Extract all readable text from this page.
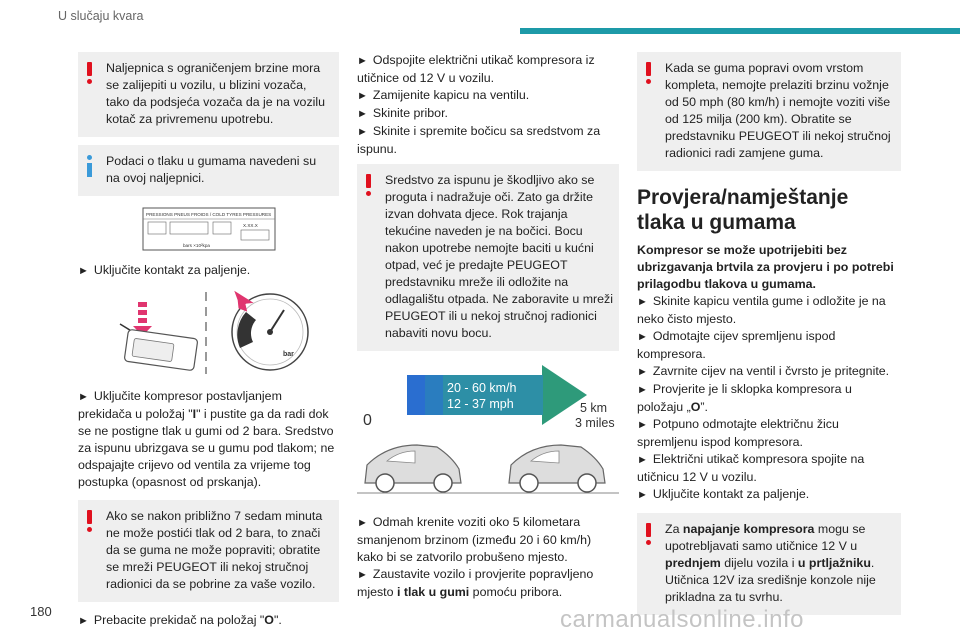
U slučaju kvara
Naljepnica s ograničenjem brzine mora se zalijepiti u vozilu, u blizini vozača, tako da podsjeća vozača da je na vozilu kotač za privremenu upotrebu.
Podaci o tlaku u gumama navedeni su na ovoj naljepnici.
PRESSIONS PNEUS FROIDS / COLD TYRES PRESSURES
X.XX.X
bars ×10²kpa

► Uključite kontakt za paljenje.

bar

► Uključite kompresor postavljanjem prekidača u položaj "I" i pustite ga da radi dok se ne postigne tlak u gumi od 2 bara. Sredstvo za ispunu ubrizgava se u gumu pod tlakom; ne odspajajte crijevo od ventila za vrijeme tog postupka (opasnost od prskanja).

Ako se nakon približno 7 sedam minuta ne može postići tlak od 2 bara, to znači da se guma ne može popraviti; obratite se mreži PEUGEOT ili nekoj stručnoj radionici da se pobrine za vaše vozilo.

► Prebacite prekidač na položaj "O".

► Odspojite električni utikač kompresora iz utičnice od 12 V u vozilu.

► Zamijenite kapicu na ventilu.

► Skinite pribor.

► Skinite i spremite bočicu sa sredstvom za ispunu.

Sredstvo za ispunu je škodljivo ako se proguta i nadražuje oči. Zato ga držite izvan dohvata djece. Rok trajanja tekućine naveden je na bočici. Bocu nakon upotrebe nemojte baciti u kućni otpad, već je predajte PEUGEOT predstavniku mreže ili odložite na odlagalištu otpada. Ne zaboravite u mreži PEUGEOT ili u nekoj stručnoj radionici nabaviti novu bocu.
20 - 60 km/h
12 - 37 mph
0
5 km
3 miles

► Odmah krenite voziti oko 5 kilometara smanjenom brzinom (između 20 i 60 km/h) kako bi se zatvorilo probušeno mjesto.

► Zaustavite vozilo i provjerite popravljeno mjesto i tlak u gumi pomoću pribora.

Kada se guma popravi ovom vrstom kompleta, nemojte prelaziti brzinu vožnje od 50 mph (80 km/h) i nemojte voziti više od 125 milja (200 km). Obratite se predstavniku PEUGEOT ili nekoj stručnoj radionici radi zamjene guma.
Provjera/namještanje tlaka u gumama

Kompresor se može upotrijebiti bez ubrizgavanja brtvila za provjeru i po potrebi prilagodbu tlakova u gumama.

► Skinite kapicu ventila gume i odložite je na neko čisto mjesto.

► Odmotajte cijev spremljenu ispod kompresora.

► Zavrnite cijev na ventil i čvrsto je pritegnite.

► Provjerite je li sklopka kompresora u položaju „O”.

► Potpuno odmotajte električnu žicu spremljenu ispod kompresora.

► Električni utikač kompresora spojite na utičnicu 12 V u vozilu.

► Uključite kontakt za paljenje.

Za napajanje kompresora mogu se upotrebljavati samo utičnice 12 V u prednjem dijelu vozila i u prtljažniku. Utičnica 12V iza središnje konzole nije prikladna za tu svrhu.
180	carmanualsonline.info
